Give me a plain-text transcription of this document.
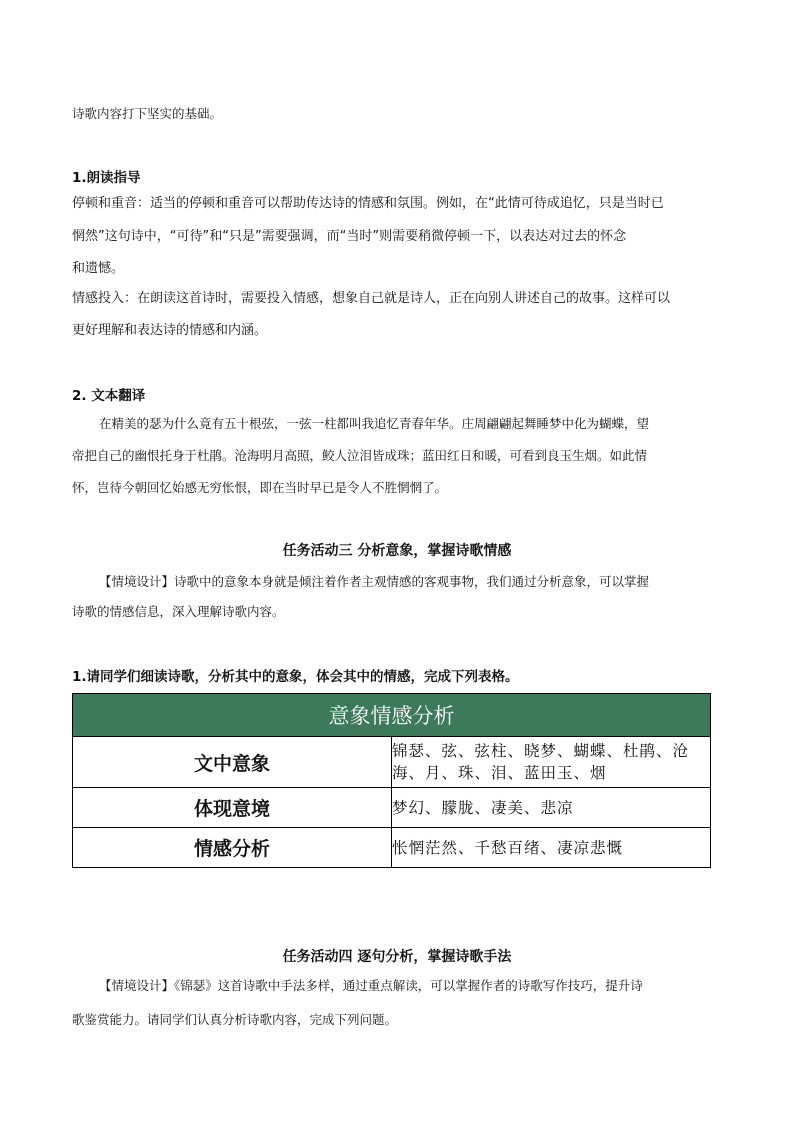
诗歌内容打下坚实的基础。
1.朗读指导
停顿和重音：适当的停顿和重音可以帮助传达诗的情感和氛围。例如，在“此情可待成追忆，只是当时已
惘然”这句诗中，“可待”和“只是”需要强调，而“当时”则需要稍微停顿一下，以表达对过去的怀念
和遗憾。
情感投入：在朗读这首诗时，需要投入情感，想象自己就是诗人，正在向别人讲述自己的故事。这样可以
更好理解和表达诗的情感和内涵。
2. 文本翻译
在精美的瑟为什么竟有五十根弦，一弦一柱都叫我追忆青春年华。庄周翩翩起舞睡梦中化为蝴蝶，望
帝把自己的幽恨托身于杜鹃。沧海明月高照，鲛人泣泪皆成珠；蓝田红日和暖，可看到良玉生烟。如此情
怀，岂待今朝回忆始感无穷怅恨，即在当时早已是令人不胜惘惘了。
任务活动三 分析意象，掌握诗歌情感
【情境设计】诗歌中的意象本身就是倾注着作者主观情感的客观事物，我们通过分析意象，可以掌握
诗歌的情感信息，深入理解诗歌内容。
1.请同学们细读诗歌，分析其中的意象，体会其中的情感，完成下列表格。
意象情感分析	
文中意象	锦瑟、弦、弦柱、晓梦、蝴蝶、杜鹃、沧海、月、珠、泪、蓝田玉、烟
体现意境	梦幻、朦胧、凄美、悲凉
情感分析	怅惘茫然、千愁百绪、凄凉悲慨
任务活动四 逐句分析，掌握诗歌手法
【情境设计】《锦瑟》这首诗歌中手法多样，通过重点解读，可以掌握作者的诗歌写作技巧，提升诗
歌鉴赏能力。请同学们认真分析诗歌内容，完成下列问题。
